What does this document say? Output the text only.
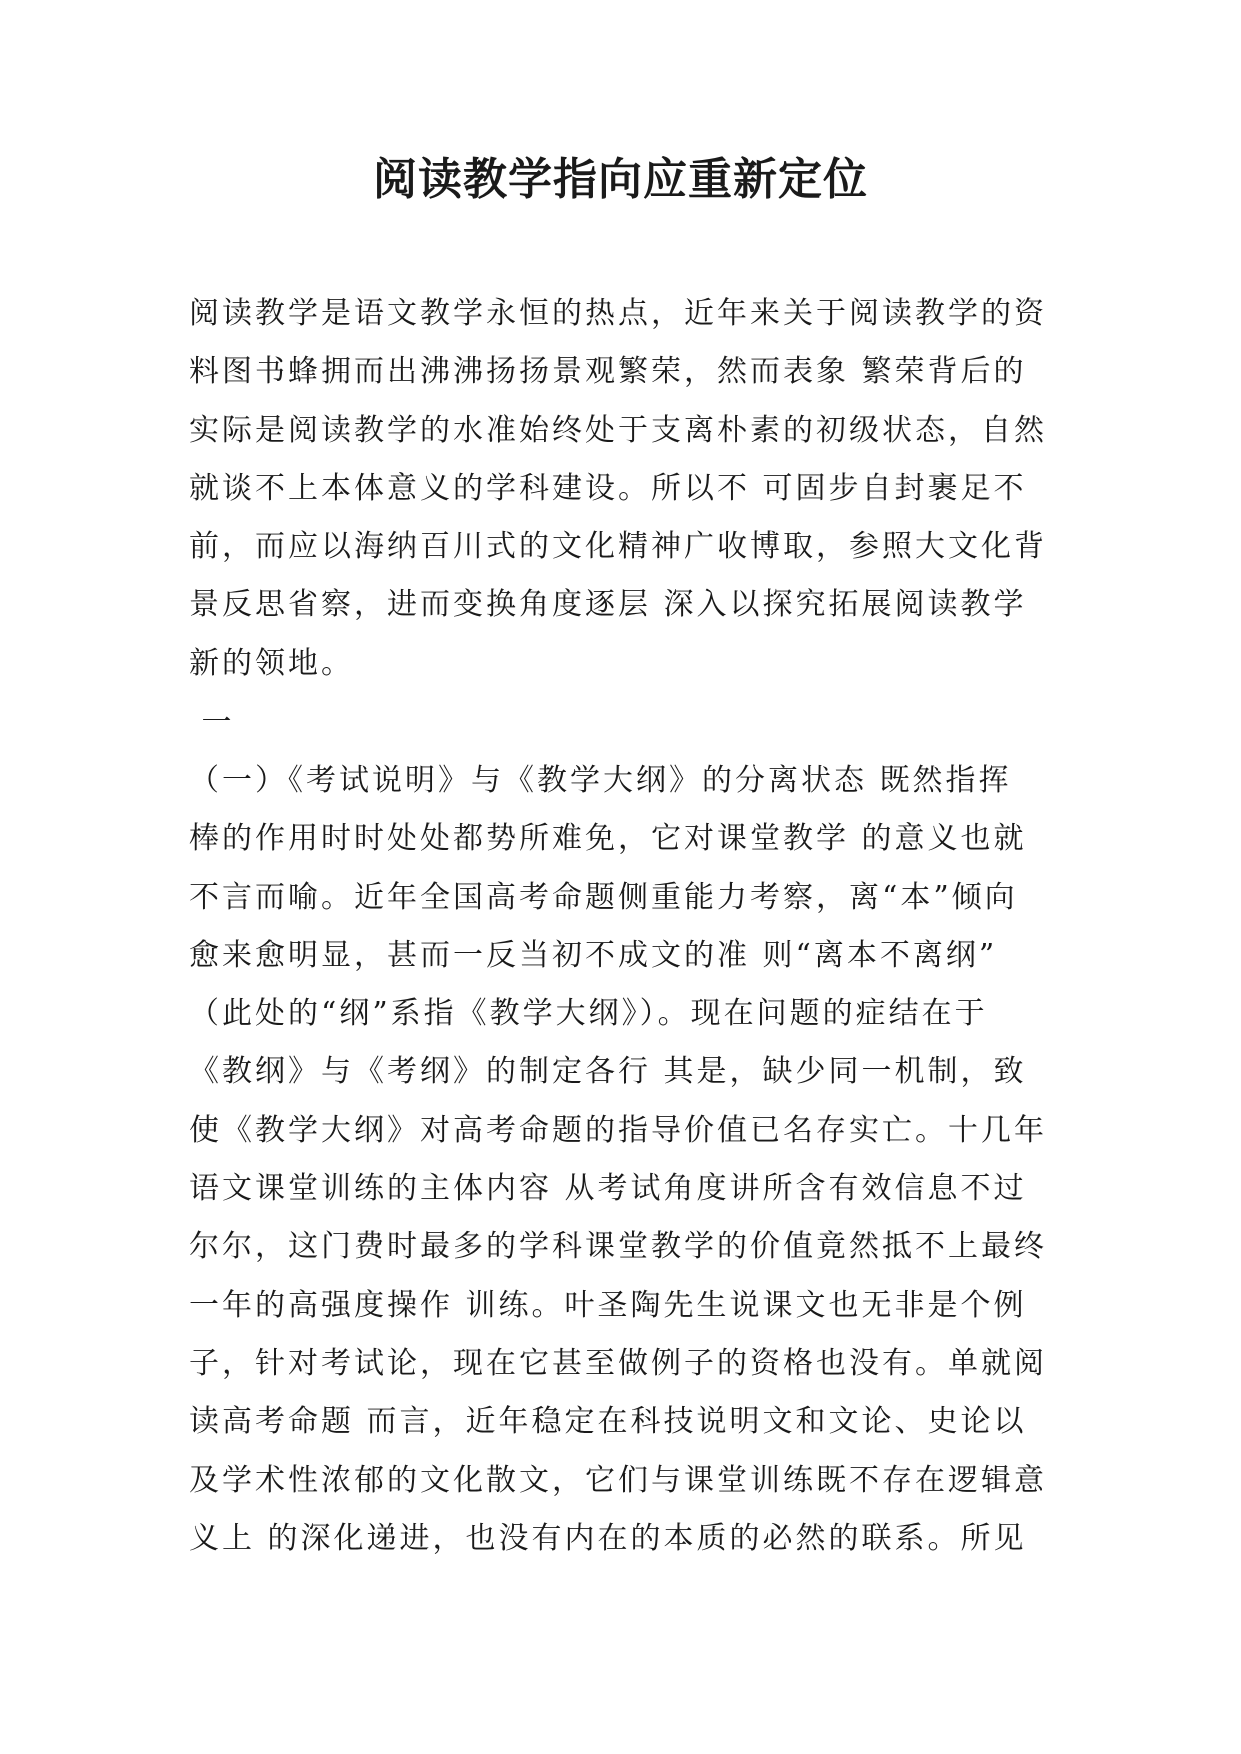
阅读教学指向应重新定位
阅读教学是语文教学永恒的热点，近年来关于阅读教学的资
料图书蜂拥而出沸沸扬扬景观繁荣，然而表象 繁荣背后的
实际是阅读教学的水准始终处于支离朴素的初级状态，自然
就谈不上本体意义的学科建设。所以不 可固步自封裹足不
前，而应以海纳百川式的文化精神广收博取，参照大文化背
景反思省察，进而变换角度逐层 深入以探究拓展阅读教学
新的领地。
一
（一）《考试说明》与《教学大纲》的分离状态 既然指挥
棒的作用时时处处都势所难免，它对课堂教学 的意义也就
不言而喻。近年全国高考命题侧重能力考察，离“本”倾向
愈来愈明显，甚而一反当初不成文的准 则“离本不离纲”
（此处的“纲”系指《教学大纲》）。现在问题的症结在于
《教纲》与《考纲》的制定各行 其是，缺少同一机制，致
使《教学大纲》对高考命题的指导价值已名存实亡。十几年
语文课堂训练的主体内容 从考试角度讲所含有效信息不过
尔尔，这门费时最多的学科课堂教学的价值竟然抵不上最终
一年的高强度操作 训练。叶圣陶先生说课文也无非是个例
子，针对考试论，现在它甚至做例子的资格也没有。单就阅
读高考命题 而言，近年稳定在科技说明文和文论、史论以
及学术性浓郁的文化散文，它们与课堂训练既不存在逻辑意
义上 的深化递进，也没有内在的本质的必然的联系。所见
